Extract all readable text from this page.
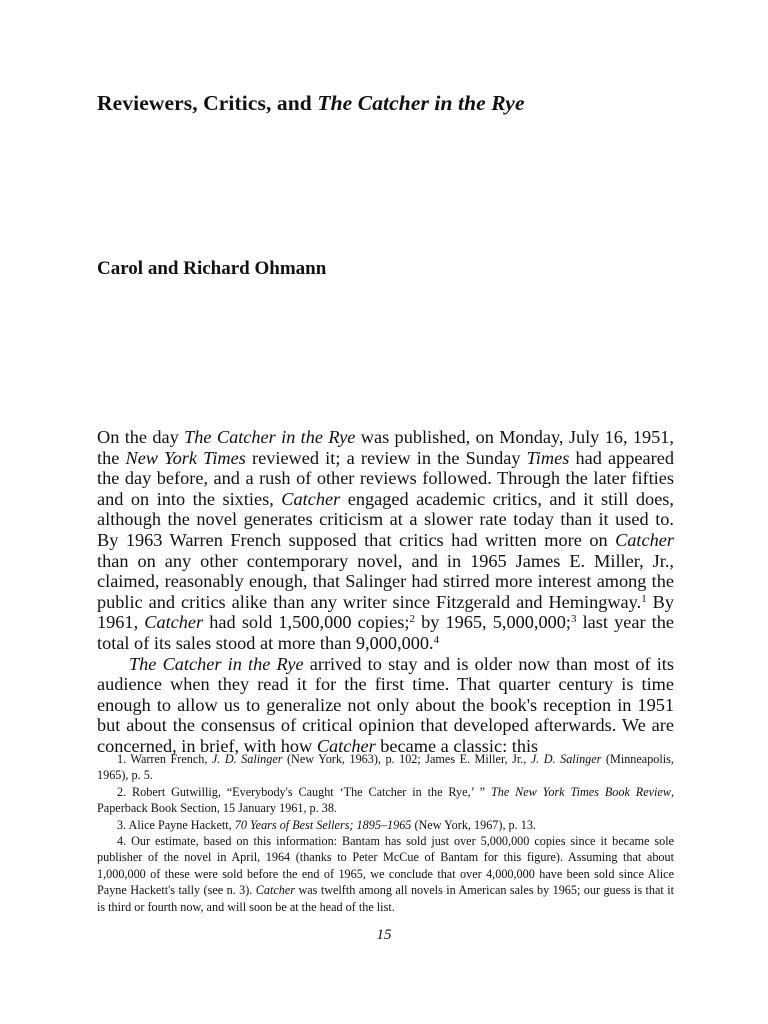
Reviewers, Critics, and The Catcher in the Rye
Carol and Richard Ohmann

On the day The Catcher in the Rye was published, on Monday, July 16, 1951, the New York Times reviewed it; a review in the Sunday Times had appeared the day before, and a rush of other reviews followed. Through the later fifties and on into the sixties, Catcher engaged academic critics, and it still does, although the novel generates criticism at a slower rate today than it used to. By 1963 Warren French supposed that critics had written more on Catcher than on any other contemporary novel, and in 1965 James E. Miller, Jr., claimed, reasonably enough, that Salinger had stirred more interest among the public and critics alike than any writer since Fitzgerald and Hemingway.$^1$ By 1961, Catcher had sold 1,500,000 copies;$^2$ by 1965, 5,000,000;$^3$ last year the total of its sales stood at more than 9,000,000.$^4$

The Catcher in the Rye arrived to stay and is older now than most of its audience when they read it for the first time. That quarter century is time enough to allow us to generalize not only about the book's reception in 1951 but about the consensus of critical opinion that developed afterwards. We are concerned, in brief, with how Catcher became a classic: this

1. Warren French, J. D. Salinger (New York, 1963), p. 102; James E. Miller, Jr., J. D. Salinger (Minneapolis, 1965), p. 5.

2. Robert Gutwillig, “Everybody's Caught ‘The Catcher in the Rye,’ ” The New York Times Book Review, Paperback Book Section, 15 January 1961, p. 38.

3. Alice Payne Hackett, 70 Years of Best Sellers; 1895–1965 (New York, 1967), p. 13.

4. Our estimate, based on this information: Bantam has sold just over 5,000,000 copies since it became sole publisher of the novel in April, 1964 (thanks to Peter McCue of Bantam for this figure). Assuming that about 1,000,000 of these were sold before the end of 1965, we conclude that over 4,000,000 have been sold since Alice Payne Hackett's tally (see n. 3). Catcher was twelfth among all novels in American sales by 1965; our guess is that it is third or fourth now, and will soon be at the head of the list.

15
